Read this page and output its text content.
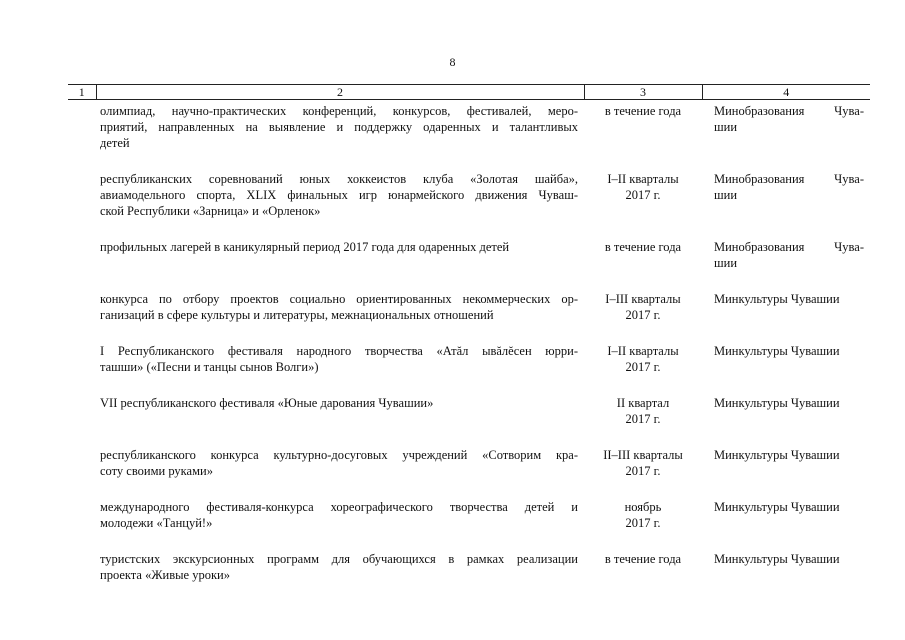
8
1	2	3	4

	олимпиад, научно-практических конференций, конкурсов, фестивалей, меро-
приятий, направленных на выявление и поддержку одаренных и талантливых
детей	в течение года	Минобразования Чува-
шии

	республиканских соревнований юных хоккеистов клуба «Золотая шайба»,
авиамодельного спорта, XLIX финальных игр юнармейского движения Чуваш-
ской Республики «Зарница» и «Орленок»	I–II кварталы
2017 г.	Минобразования Чува-
шии

	профильных лагерей в каникулярный период 2017 года для одаренных детей	в течение года	Минобразования Чува-
шии

	конкурса по отбору проектов социально ориентированных некоммерческих ор-
ганизаций в сфере культуры и литературы, межнациональных отношений	I–III кварталы
2017 г.	Минкультуры Чувашии

	I Республиканского фестиваля народного творчества «Атăл ывăлĕсен юрри-
ташши» («Песни и танцы сынов Волги»)	I–II кварталы
2017 г.	Минкультуры Чувашии

	VII республиканского фестиваля «Юные дарования Чувашии»	II квартал
2017 г.	Минкультуры Чувашии

	республиканского конкурса культурно-досуговых учреждений «Сотворим кра-
соту своими руками»	II–III кварталы
2017 г.	Минкультуры Чувашии

	международного фестиваля-конкурса хореографического творчества детей и
молодежи «Танцуй!»	ноябрь
2017 г.	Минкультуры Чувашии

	туристских экскурсионных программ для обучающихся в рамках реализации
проекта «Живые уроки»	в течение года	Минкультуры Чувашии
